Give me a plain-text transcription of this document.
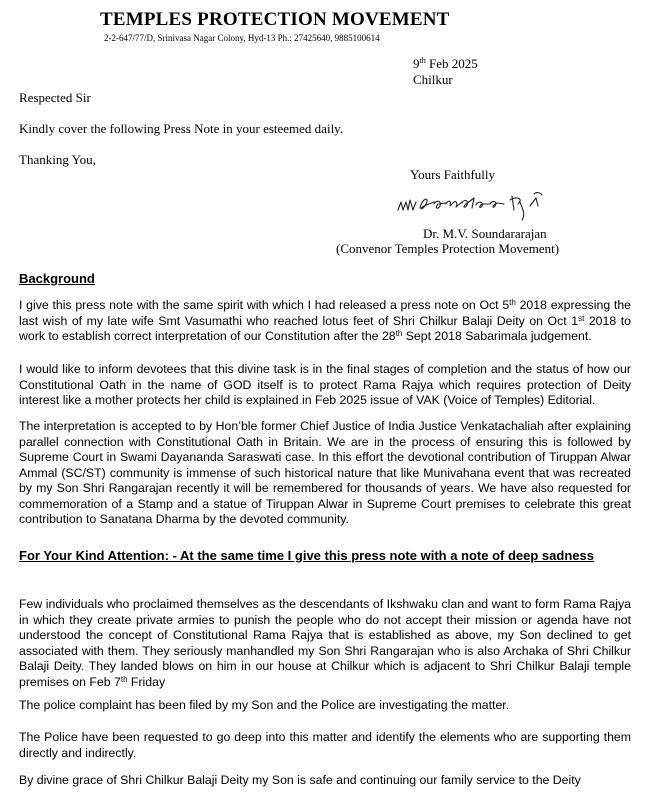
TEMPLES PROTECTION MOVEMENT
2-2-647/77/D, Srinivasa Nagar Colony, Hyd-13 Ph.: 27425640, 9885100614
9th Feb 2025
Chilkur
Respected Sir
Kindly cover the following Press Note in your esteemed daily.
Thanking You,
Yours Faithfully
Dr. M.V. Soundararajan
(Convenor Temples Protection Movement)
Background
I give this press note with the same spirit with which I had released a press note on Oct 5th 2018 expressing the last wish of my late wife Smt Vasumathi who reached lotus feet of Shri Chilkur Balaji Deity on Oct 1st 2018 to work to establish correct interpretation of our Constitution after the 28th Sept 2018 Sabarimala judgement.
I would like to inform devotees that this divine task is in the final stages of completion and the status of how our Constitutional Oath in the name of GOD itself is to protect Rama Rajya which requires protection of Deity interest like a mother protects her child is explained in Feb 2025 issue of VAK (Voice of Temples) Editorial.
The interpretation is accepted to by Hon’ble former Chief Justice of India Justice Venkatachaliah after explaining parallel connection with Constitutional Oath in Britain. We are in the process of ensuring this is followed by Supreme Court in Swami Dayananda Saraswati case. In this effort the devotional contribution of Tiruppan Alwar Ammal (SC/ST) community is immense of such historical nature that like Munivahana event that was recreated by my Son Shri Rangarajan recently it will be remembered for thousands of years. We have also requested for commemoration of a Stamp and a statue of Tiruppan Alwar in Supreme Court premises to celebrate this great contribution to Sanatana Dharma by the devoted community.
For Your Kind Attention: - At the same time I give this press note with a note of deep sadness
Few individuals who proclaimed themselves as the descendants of Ikshwaku clan and want to form Rama Rajya in which they create private armies to punish the people who do not accept their mission or agenda have not understood the concept of Constitutional Rama Rajya that is established as above, my Son declined to get associated with them. They seriously manhandled my Son Shri Rangarajan who is also Archaka of Shri Chilkur Balaji Deity. They landed blows on him in our house at Chilkur which is adjacent to Shri Chilkur Balaji temple premises on Feb 7th Friday
The police complaint has been filed by my Son and the Police are investigating the matter.
The Police have been requested to go deep into this matter and identify the elements who are supporting them directly and indirectly.
By divine grace of Shri Chilkur Balaji Deity my Son is safe and continuing our family service to the Deity
